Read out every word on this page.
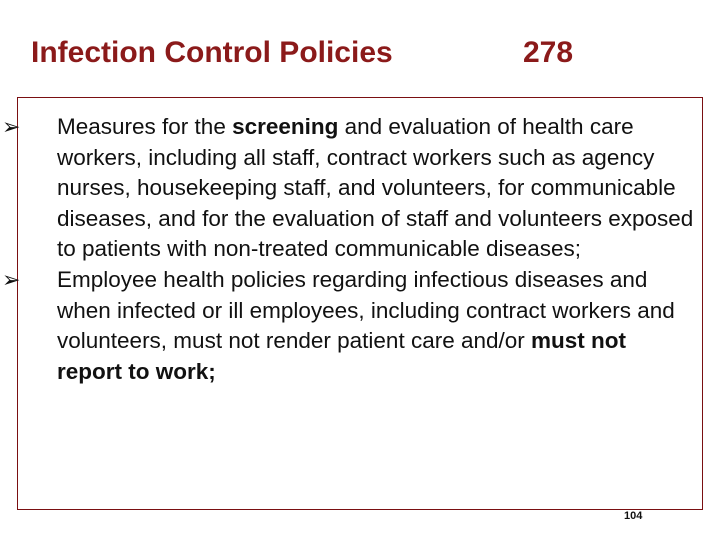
Infection Control Policies	278
➢ Measures for the screening and evaluation of health care workers, including all staff, contract workers such as agency nurses, housekeeping staff, and volunteers, for communicable diseases, and for the evaluation of staff and volunteers exposed to patients with non-treated communicable diseases;
➢ Employee health policies regarding infectious diseases and when infected or ill employees, including contract workers and volunteers, must not render patient care and/or must not report to work;
104
